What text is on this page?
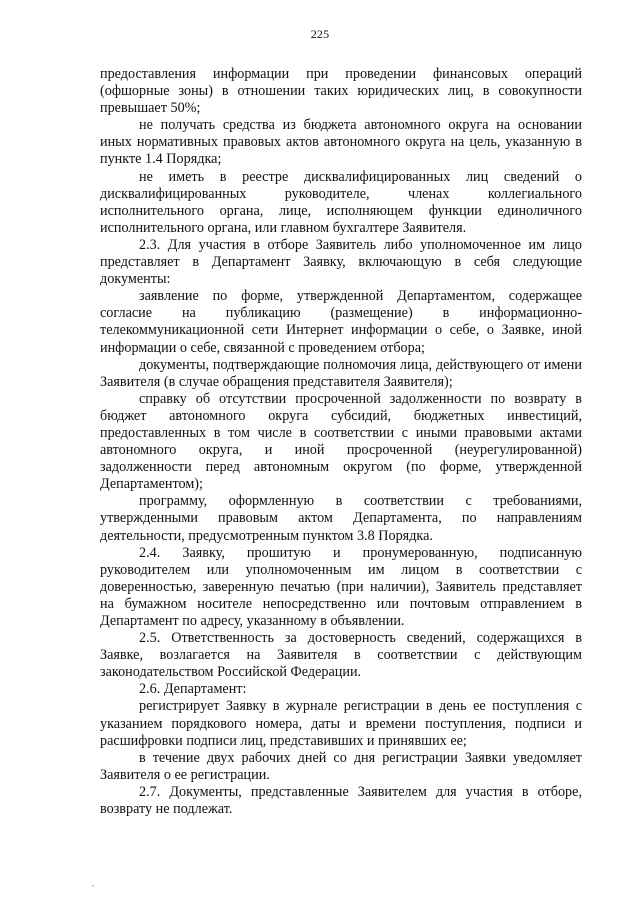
225

предоставления информации при проведении финансовых операций (офшорные зоны) в отношении таких юридических лиц, в совокупности превышает 50%;

не получать средства из бюджета автономного округа на основании иных нормативных правовых актов автономного округа на цель, указанную в пункте 1.4 Порядка;

не иметь в реестре дисквалифицированных лиц сведений о дисквалифицированных руководителе, членах коллегиального исполнительного органа, лице, исполняющем функции единоличного исполнительного органа, или главном бухгалтере Заявителя.

2.3. Для участия в отборе Заявитель либо уполномоченное им лицо представляет в Департамент Заявку, включающую в себя следующие документы:

заявление по форме, утвержденной Департаментом, содержащее согласие на публикацию (размещение) в информационно-телекоммуникационной сети Интернет информации о себе, о Заявке, иной информации о себе, связанной с проведением отбора;

документы, подтверждающие полномочия лица, действующего от имени Заявителя (в случае обращения представителя Заявителя);

справку об отсутствии просроченной задолженности по возврату в бюджет автономного округа субсидий, бюджетных инвестиций, предоставленных в том числе в соответствии с иными правовыми актами автономного округа, и иной просроченной (неурегулированной) задолженности перед автономным округом (по форме, утвержденной Департаментом);

программу, оформленную в соответствии с требованиями, утвержденными правовым актом Департамента, по направлениям деятельности, предусмотренным пунктом 3.8 Порядка.

2.4. Заявку, прошитую и пронумерованную, подписанную руководителем или уполномоченным им лицом в соответствии с доверенностью, заверенную печатью (при наличии), Заявитель представляет на бумажном носителе непосредственно или почтовым отправлением в Департамент по адресу, указанному в объявлении.

2.5. Ответственность за достоверность сведений, содержащихся в Заявке, возлагается на Заявителя в соответствии с действующим законодательством Российской Федерации.

2.6. Департамент:

регистрирует Заявку в журнале регистрации в день ее поступления с указанием порядкового номера, даты и времени поступления, подписи и расшифровки подписи лиц, представивших и принявших ее;

в течение двух рабочих дней со дня регистрации Заявки уведомляет Заявителя о ее регистрации.

2.7. Документы, представленные Заявителем для участия в отборе, возврату не подлежат.
